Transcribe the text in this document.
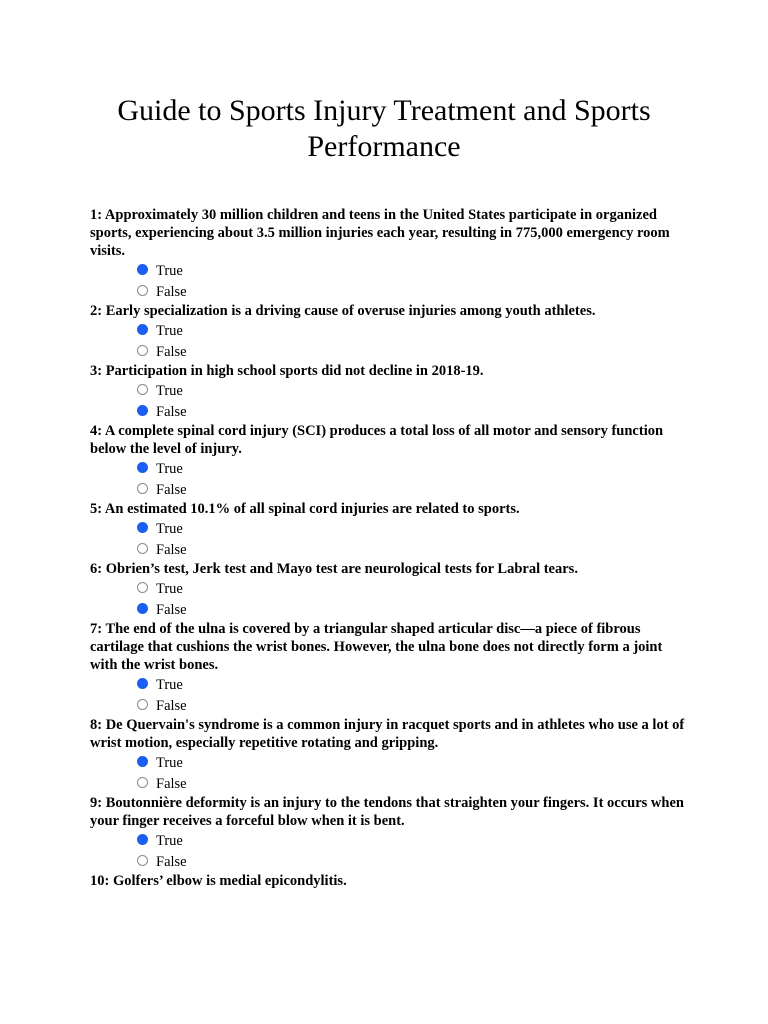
Guide to Sports Injury Treatment and Sports Performance

1: Approximately 30 million children and teens in the United States participate in organized sports, experiencing about 3.5 million injuries each year, resulting in 775,000 emergency room visits.

True
False

2: Early specialization is a driving cause of overuse injuries among youth athletes.

True
False

3: Participation in high school sports did not decline in 2018-19.

True
False

4: A complete spinal cord injury (SCI) produces a total loss of all motor and sensory function below the level of injury.

True
False

5: An estimated 10.1% of all spinal cord injuries are related to sports.

True
False

6: Obrien’s test, Jerk test and Mayo test are neurological tests for Labral tears.

True
False

7: The end of the ulna is covered by a triangular shaped articular disc—a piece of fibrous cartilage that cushions the wrist bones. However, the ulna bone does not directly form a joint with the wrist bones.

True
False

8: De Quervain's syndrome is a common injury in racquet sports and in athletes who use a lot of wrist motion, especially repetitive rotating and gripping.

True
False

9: Boutonnière deformity is an injury to the tendons that straighten your fingers. It occurs when your finger receives a forceful blow when it is bent.

True
False

10: Golfers’ elbow is medial epicondylitis.
